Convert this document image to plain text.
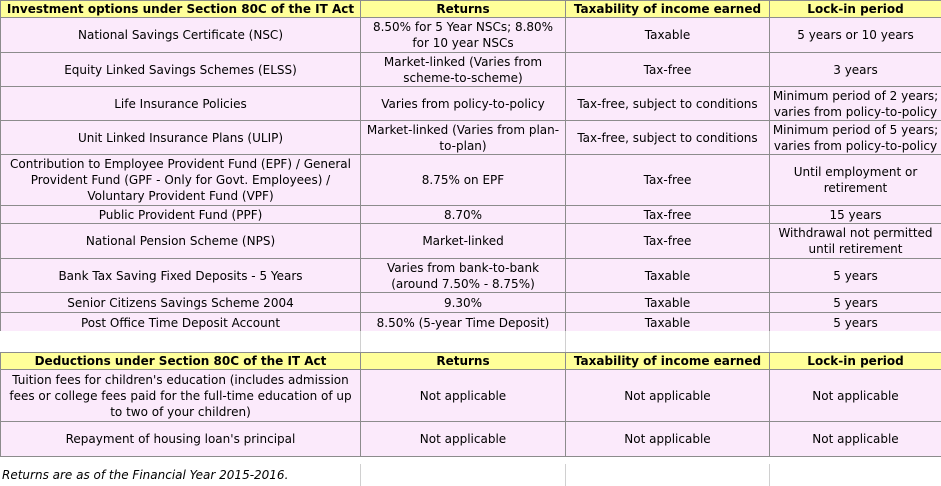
Investment options under Section 80C of the IT Act	Returns	Taxability of income earned	Lock-in period
National Savings Certificate (NSC)	8.50% for 5 Year NSCs; 8.80% for 10 year NSCs	Taxable	5 years or 10 years
Equity Linked Savings Schemes (ELSS)	Market-linked (Varies from scheme-to-scheme)	Tax-free	3 years
Life Insurance Policies	Varies from policy-to-policy	Tax-free, subject to conditions	Minimum period of 2 years; varies from policy-to-policy
Unit Linked Insurance Plans (ULIP)	Market-linked (Varies from plan-to-plan)	Tax-free, subject to conditions	Minimum period of 5 years; varies from policy-to-policy
Contribution to Employee Provident Fund (EPF) / General Provident Fund (GPF - Only for Govt. Employees) / Voluntary Provident Fund (VPF)	8.75% on EPF	Tax-free	Until employment or retirement
Public Provident Fund (PPF)	8.70%	Tax-free	15 years
National Pension Scheme (NPS)	Market-linked	Tax-free	Withdrawal not permitted until retirement
Bank Tax Saving Fixed Deposits - 5 Years	Varies from bank-to-bank (around 7.50% - 8.75%)	Taxable	5 years
Senior Citizens Savings Scheme 2004	9.30%	Taxable	5 years
Post Office Time Deposit Account	8.50% (5-year Time Deposit)	Taxable	5 years
Deductions under Section 80C of the IT Act	Returns	Taxability of income earned	Lock-in period
Tuition fees for children's education (includes admission fees or college fees paid for the full-time education of up to two of your children)	Not applicable	Not applicable	Not applicable
Repayment of housing loan's principal	Not applicable	Not applicable	Not applicable
Returns are as of the Financial Year 2015-2016.
